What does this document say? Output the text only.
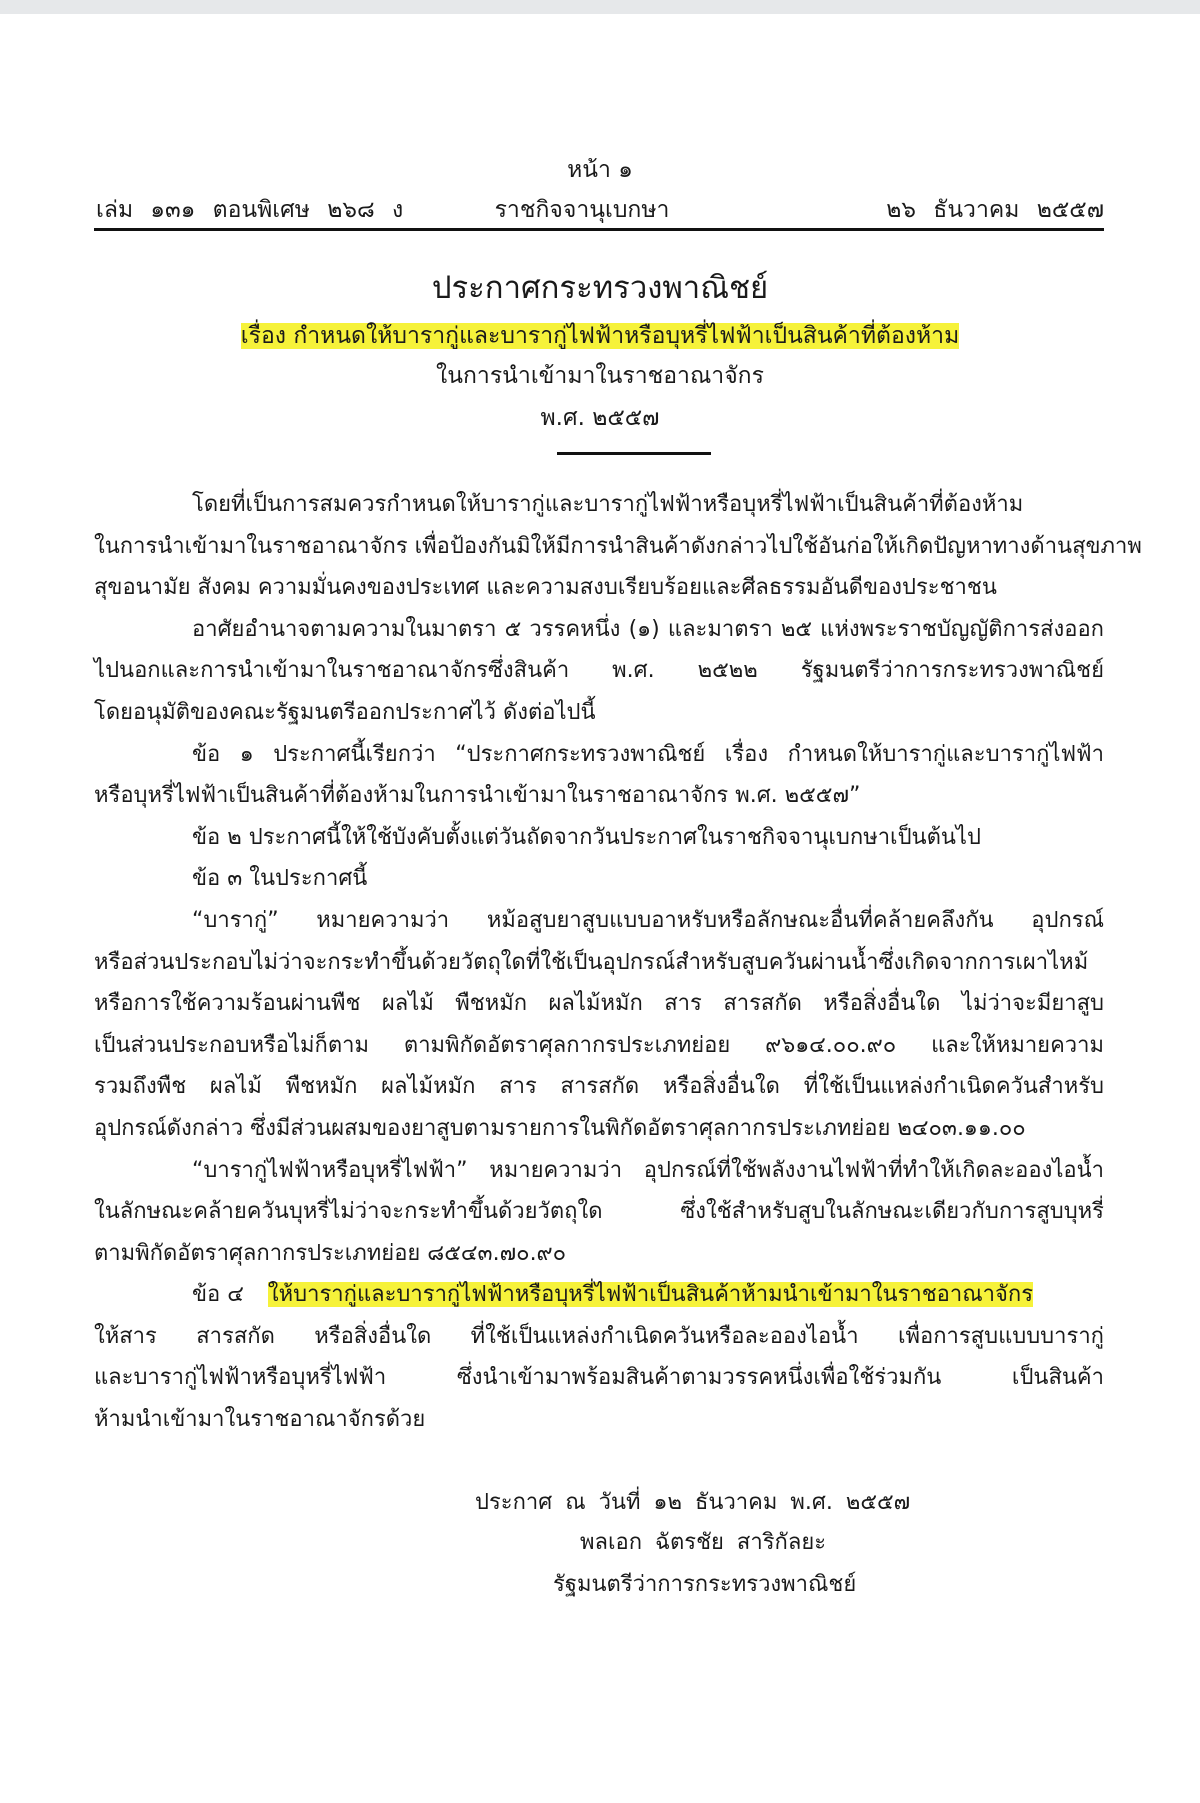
หน้า ๑
เล่ม ๑๓๑ ตอนพิเศษ ๒๖๘ ง	ราชกิจจานุเบกษา	๒๖ ธันวาคม ๒๕๕๗
ประกาศกระทรวงพาณิชย์
เรื่อง กำหนดให้บารากู่และบารากู่ไฟฟ้าหรือบุหรี่ไฟฟ้าเป็นสินค้าที่ต้องห้าม
ในการนำเข้ามาในราชอาณาจักร
พ.ศ. ๒๕๕๗
โดยที่เป็นการสมควรกำหนดให้บารากู่และบารากู่ไฟฟ้าหรือบุหรี่ไฟฟ้าเป็นสินค้าที่ต้องห้าม
ในการนำเข้ามาในราชอาณาจักร เพื่อป้องกันมิให้มีการนำสินค้าดังกล่าวไปใช้อันก่อให้เกิดปัญหาทางด้านสุขภาพ
สุขอนามัย สังคม ความมั่นคงของประเทศ และความสงบเรียบร้อยและศีลธรรมอันดีของประชาชน
อาศัยอำนาจตามความในมาตรา ๕ วรรคหนึ่ง (๑) และมาตรา ๒๕ แห่งพระราชบัญญัติการส่งออก
ไปนอกและการนำเข้ามาในราชอาณาจักรซึ่งสินค้า พ.ศ. ๒๕๒๒ รัฐมนตรีว่าการกระทรวงพาณิชย์
โดยอนุมัติของคณะรัฐมนตรีออกประกาศไว้ ดังต่อไปนี้
ข้อ ๑ ประกาศนี้เรียกว่า “ประกาศกระทรวงพาณิชย์ เรื่อง กำหนดให้บารากู่และบารากู่ไฟฟ้า
หรือบุหรี่ไฟฟ้าเป็นสินค้าที่ต้องห้ามในการนำเข้ามาในราชอาณาจักร พ.ศ. ๒๕๕๗”
ข้อ ๒ ประกาศนี้ให้ใช้บังคับตั้งแต่วันถัดจากวันประกาศในราชกิจจานุเบกษาเป็นต้นไป
ข้อ ๓ ในประกาศนี้
“บารากู่” หมายความว่า หม้อสูบยาสูบแบบอาหรับหรือลักษณะอื่นที่คล้ายคลึงกัน อุปกรณ์
หรือส่วนประกอบไม่ว่าจะกระทำขึ้นด้วยวัตถุใดที่ใช้เป็นอุปกรณ์สำหรับสูบควันผ่านน้ำซึ่งเกิดจากการเผาไหม้
หรือการใช้ความร้อนผ่านพืช ผลไม้ พืชหมัก ผลไม้หมัก สาร สารสกัด หรือสิ่งอื่นใด ไม่ว่าจะมียาสูบ
เป็นส่วนประกอบหรือไม่ก็ตาม ตามพิกัดอัตราศุลกากรประเภทย่อย ๙๖๑๔.๐๐.๙๐ และให้หมายความ
รวมถึงพืช ผลไม้ พืชหมัก ผลไม้หมัก สาร สารสกัด หรือสิ่งอื่นใด ที่ใช้เป็นแหล่งกำเนิดควันสำหรับ
อุปกรณ์ดังกล่าว ซึ่งมีส่วนผสมของยาสูบตามรายการในพิกัดอัตราศุลกากรประเภทย่อย ๒๔๐๓.๑๑.๐๐
“บารากู่ไฟฟ้าหรือบุหรี่ไฟฟ้า” หมายความว่า อุปกรณ์ที่ใช้พลังงานไฟฟ้าที่ทำให้เกิดละอองไอน้ำ
ในลักษณะคล้ายควันบุหรี่ไม่ว่าจะกระทำขึ้นด้วยวัตถุใด ซึ่งใช้สำหรับสูบในลักษณะเดียวกับการสูบบุหรี่
ตามพิกัดอัตราศุลกากรประเภทย่อย ๘๕๔๓.๗๐.๙๐
ข้อ ๔ ให้บารากู่และบารากู่ไฟฟ้าหรือบุหรี่ไฟฟ้าเป็นสินค้าห้ามนำเข้ามาในราชอาณาจักร
ให้สาร สารสกัด หรือสิ่งอื่นใด ที่ใช้เป็นแหล่งกำเนิดควันหรือละอองไอน้ำ เพื่อการสูบแบบบารากู่
และบารากู่ไฟฟ้าหรือบุหรี่ไฟฟ้า ซึ่งนำเข้ามาพร้อมสินค้าตามวรรคหนึ่งเพื่อใช้ร่วมกัน เป็นสินค้า
ห้ามนำเข้ามาในราชอาณาจักรด้วย
ประกาศ ณ วันที่ ๑๒ ธันวาคม พ.ศ. ๒๕๕๗
พลเอก ฉัตรชัย สาริกัลยะ
รัฐมนตรีว่าการกระทรวงพาณิชย์
